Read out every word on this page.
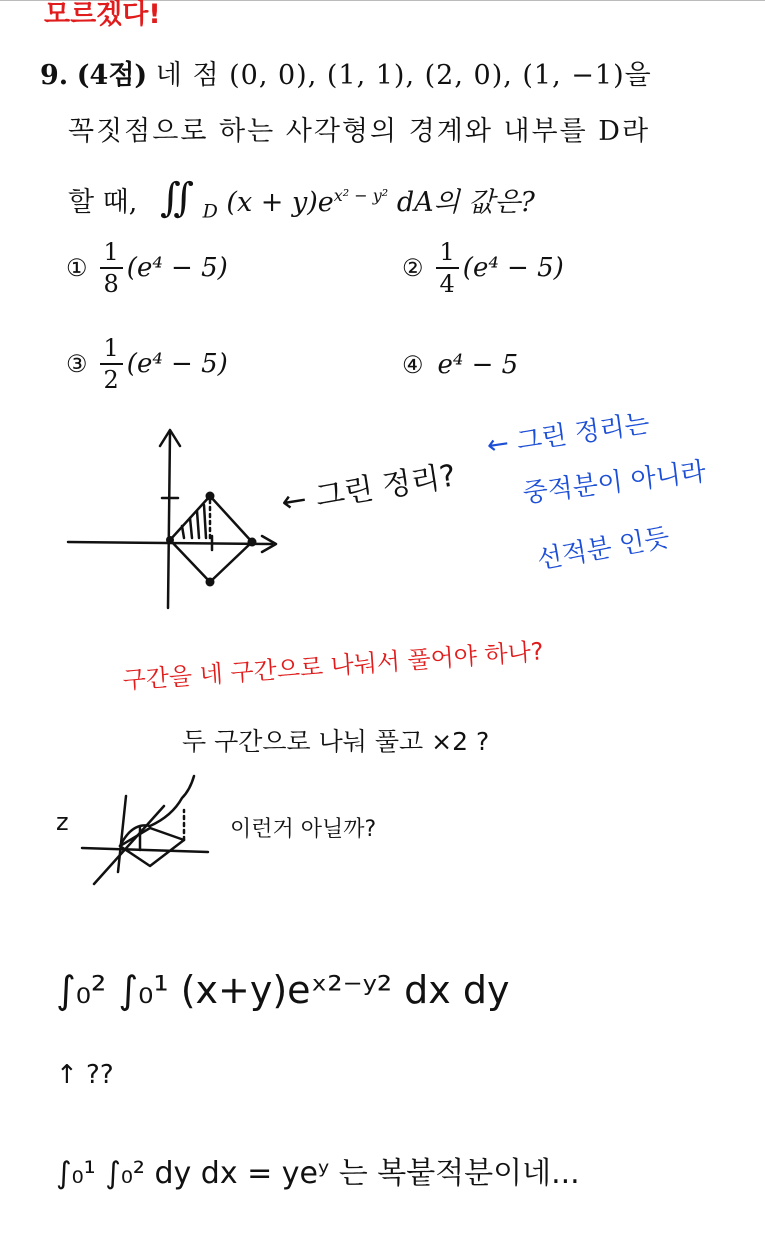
모르겠다!
9. (4점) 네 점 (0, 0), (1, 1), (2, 0), (1, −1)을
꼭짓점으로 하는 사각형의 경계와 내부를 D라
할 때, ∬ $_D$ $(x + y)e^{x^2 - y^2}$ dA의 값은?
① $\frac{1}{8} (e^4 - 5)$	② $\frac{1}{4} (e^4 - 5)$
③ $\frac{1}{2} (e^4 - 5)$	④ e⁴ − 5
← 그린 정리?
← 그린 정리는
중적분이 아니라
선적분 인듯
구간을 네 구간으로 나눠서 풀어야 하나?
두 구간으로 나눠 풀고 ×2 ?
z	이런거 아닐까?
∫₀² ∫₀¹ (x+y)eˣ²⁻ʸ² dx dy
↑ ??
∫₀¹ ∫₀² dy dx = yeʸ 는 복붙적분이네...
